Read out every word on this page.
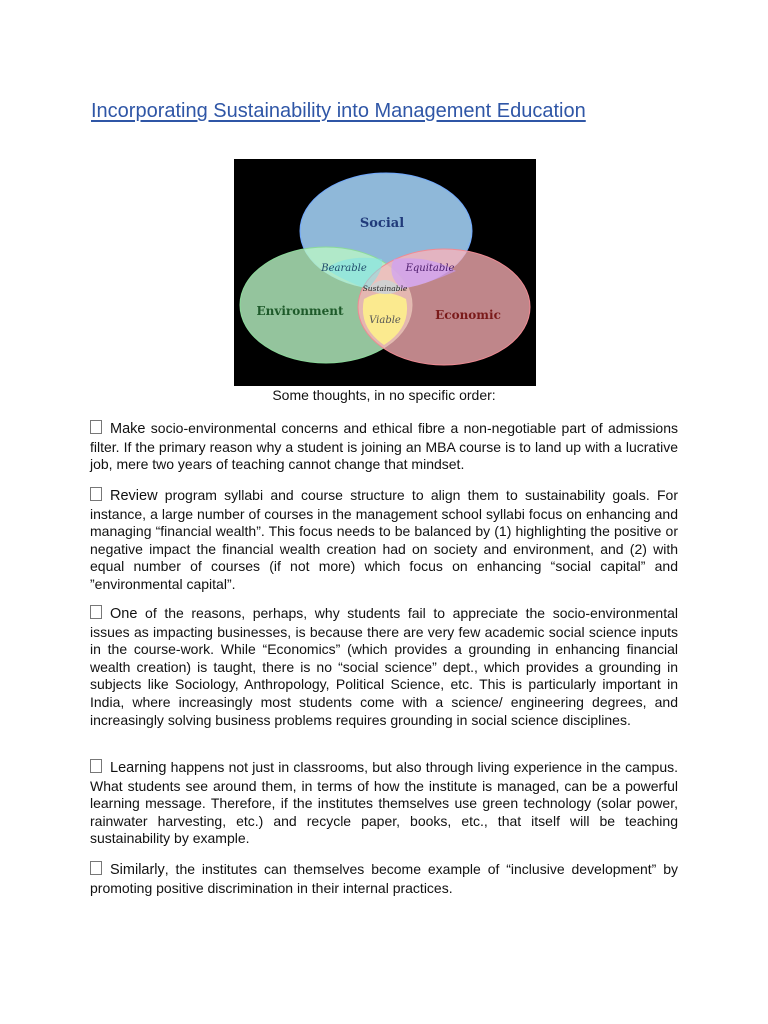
Incorporating Sustainability into Management Education
Social
Environment	Economic
Bearable	Equitable
Viable
Sustainable
Some thoughts, in no specific order:

Make socio-environmental concerns and ethical fibre a non-negotiable part of admissions filter. If the primary reason why a student is joining an MBA course is to land up with a lucrative job, mere two years of teaching cannot change that mindset.

Review program syllabi and course structure to align them to sustainability goals. For instance, a large number of courses in the management school syllabi focus on enhancing and managing “financial wealth”. This focus needs to be balanced by (1) highlighting the positive or negative impact the financial wealth creation had on society and environment, and (2) with equal number of courses (if not more) which focus on enhancing “social capital” and ”environmental capital”.

One of the reasons, perhaps, why students fail to appreciate the socio-environmental issues as impacting businesses, is because there are very few academic social science inputs in the course-work. While “Economics” (which provides a grounding in enhancing financial wealth creation) is taught, there is no “social science” dept., which provides a grounding in subjects like Sociology, Anthropology, Political Science, etc. This is particularly important in India, where increasingly most students come with a science/ engineering degrees, and increasingly solving business problems requires grounding in social science disciplines.

Learning happens not just in classrooms, but also through living experience in the campus. What students see around them, in terms of how the institute is managed, can be a powerful learning message. Therefore, if the institutes themselves use green technology (solar power, rainwater harvesting, etc.) and recycle paper, books, etc., that itself will be teaching sustainability by example.

Similarly, the institutes can themselves become example of “inclusive development” by promoting positive discrimination in their internal practices.
